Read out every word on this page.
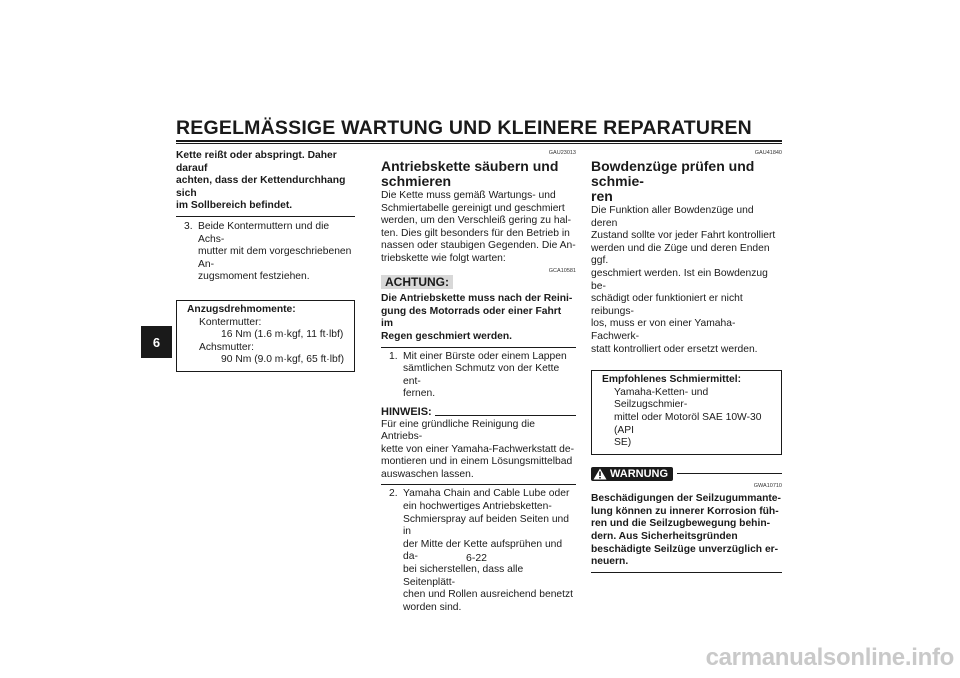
REGELMÄSSIGE WARTUNG UND KLEINERE REPARATUREN
6
Kette reißt oder abspringt. Daher darauf
achten, dass der Kettendurchhang sich
im Sollbereich befindet.
3. Beide Kontermuttern und die Achs-
mutter mit dem vorgeschriebenen An-
zugsmoment festziehen.
Anzugsdrehmomente:
Kontermutter:
16 Nm (1.6 m·kgf, 11 ft·lbf)
Achsmutter:
90 Nm (9.0 m·kgf, 65 ft·lbf)
GAU23013
Antriebskette säubern und
schmieren
Die Kette muss gemäß Wartungs- und
Schmiertabelle gereinigt und geschmiert
werden, um den Verschleiß gering zu hal-
ten. Dies gilt besonders für den Betrieb in
nassen oder staubigen Gegenden. Die An-
triebskette wie folgt warten:
GCA10581
ACHTUNG:
Die Antriebskette muss nach der Reini-
gung des Motorrads oder einer Fahrt im
Regen geschmiert werden.
1. Mit einer Bürste oder einem Lappen
sämtlichen Schmutz von der Kette ent-
fernen.
HINWEIS:
Für eine gründliche Reinigung die Antriebs-
kette von einer Yamaha-Fachwerkstatt de-
montieren und in einem Lösungsmittelbad
auswaschen lassen.
2. Yamaha Chain and Cable Lube oder
ein hochwertiges Antriebsketten-
Schmierspray auf beiden Seiten und in
der Mitte der Kette aufsprühen und da-
bei sicherstellen, dass alle Seitenplätt-
chen und Rollen ausreichend benetzt
worden sind.
GAU41840
Bowdenzüge prüfen und schmie-
ren
Die Funktion aller Bowdenzüge und deren
Zustand sollte vor jeder Fahrt kontrolliert
werden und die Züge und deren Enden ggf.
geschmiert werden. Ist ein Bowdenzug be-
schädigt oder funktioniert er nicht reibungs-
los, muss er von einer Yamaha-Fachwerk-
statt kontrolliert oder ersetzt werden.
Empfohlenes Schmiermittel:
Yamaha-Ketten- und Seilzugschmier-
mittel oder Motoröl SAE 10W-30 (API
SE)
WARNUNG
GWA10710
Beschädigungen der Seilzugummante-
lung können zu innerer Korrosion füh-
ren und die Seilzugbewegung behin-
dern. Aus Sicherheitsgründen
beschädigte Seilzüge unverzüglich er-
neuern.
6-22
carmanualsonline.info
